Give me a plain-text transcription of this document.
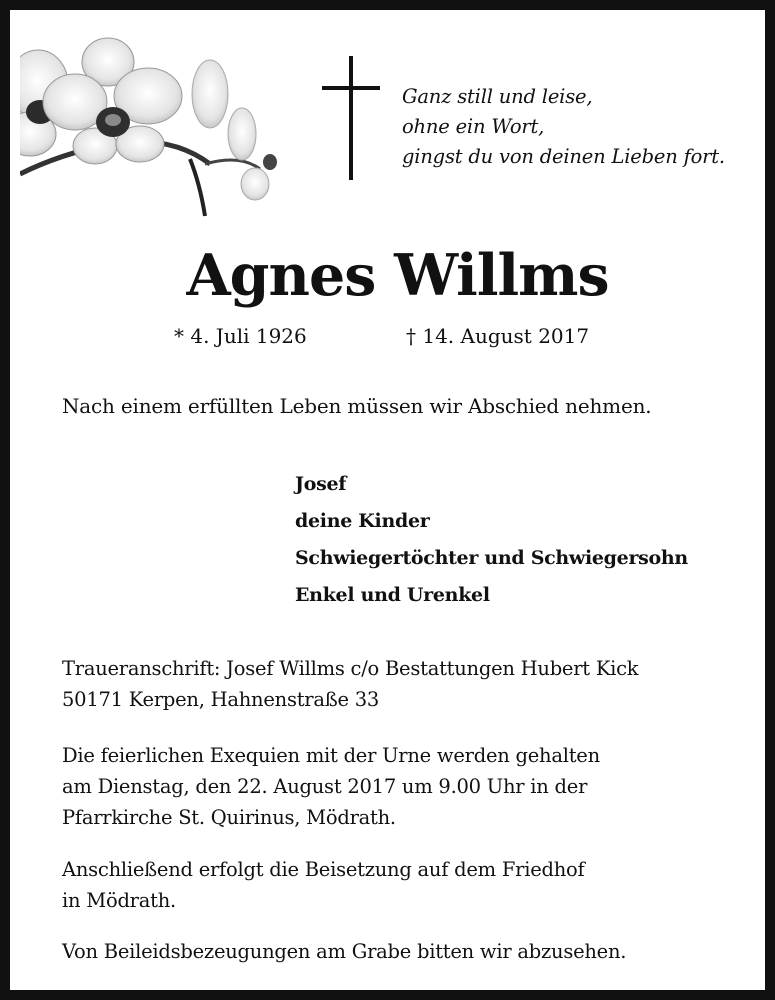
Ganz still und leise,
ohne ein Wort,
gingst du von deinen Lieben fort.
Agnes Willms
* 4. Juli 1926	† 14. August 2017
Nach einem erfüllten Leben müssen wir Abschied nehmen.
Josef
deine Kinder
Schwiegertöchter und Schwiegersohn
Enkel und Urenkel
Traueranschrift: Josef Willms c/o Bestattungen Hubert Kick
50171 Kerpen, Hahnenstraße 33
Die feierlichen Exequien mit der Urne werden gehalten
am Dienstag, den 22. August 2017 um 9.00 Uhr in der
Pfarrkirche St. Quirinus, Mödrath.
Anschließend erfolgt die Beisetzung auf dem Friedhof
in Mödrath.
Von Beileidsbezeugungen am Grabe bitten wir abzusehen.
